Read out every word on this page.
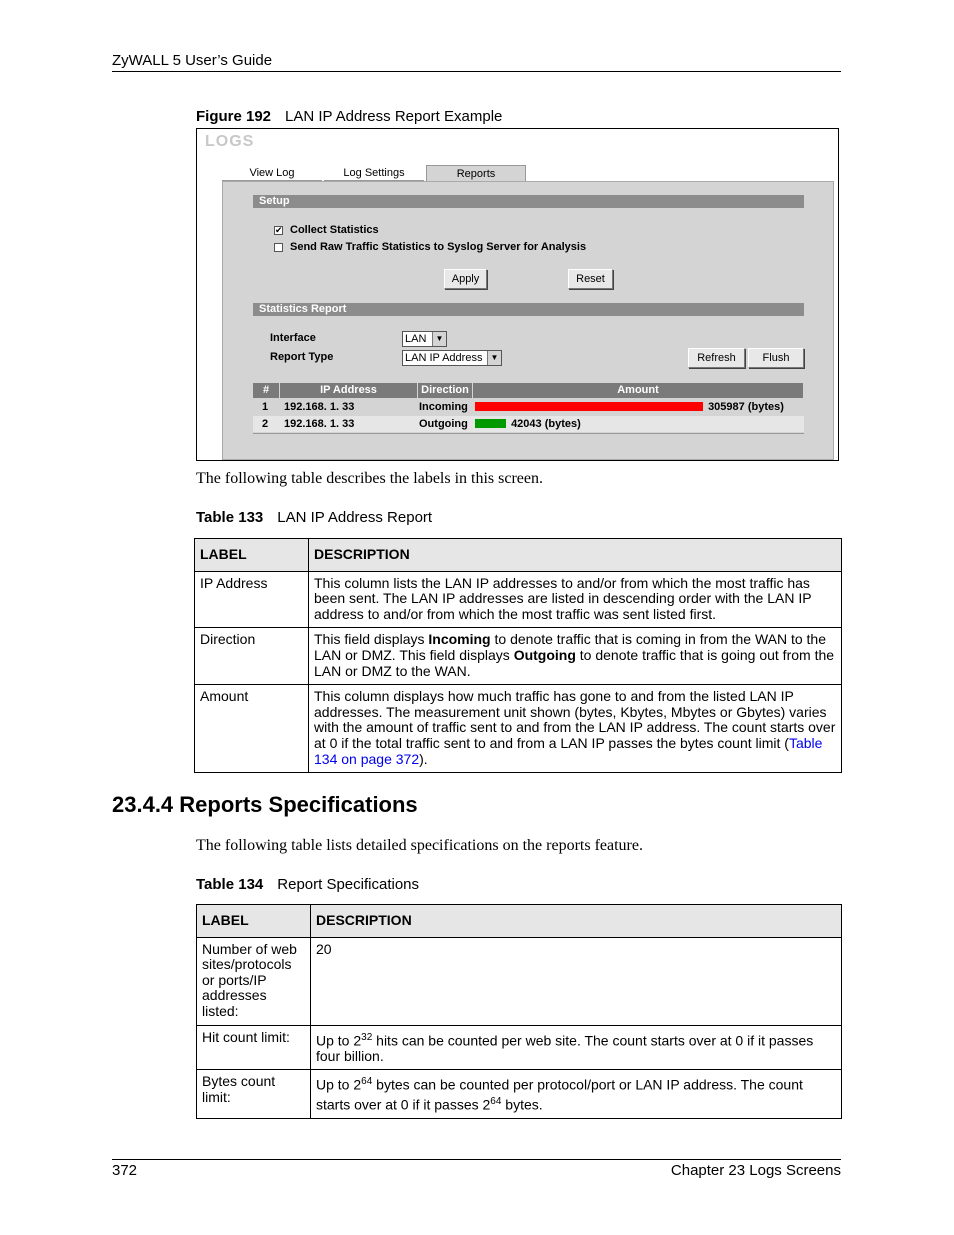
ZyWALL 5 User’s Guide
Figure 192 LAN IP Address Report Example
LOGS
View Log	Log Settings	Reports
Setup
✔ Collect Statistics
Send Raw Traffic Statistics to Syslog Server for Analysis
Apply	Reset
Statistics Report
Interface	LAN	▼
Report Type	LAN IP Address	▼	Refresh	Flush
#	IP Address	Direction	Amount
1	192.168. 1. 33	Incoming	305987 (bytes)
2	192.168. 1. 33	Outgoing	42043 (bytes)
The following table describes the labels in this screen.
Table 133 LAN IP Address Report
LABEL	DESCRIPTION
IP Address	This column lists the LAN IP addresses to and/or from which the most traffic has been sent. The LAN IP addresses are listed in descending order with the LAN IP address to and/or from which the most traffic was sent listed first.
Direction	This field displays Incoming to denote traffic that is coming in from the WAN to the LAN or DMZ. This field displays Outgoing to denote traffic that is going out from the LAN or DMZ to the WAN.
Amount	This column displays how much traffic has gone to and from the listed LAN IP addresses. The measurement unit shown (bytes, Kbytes, Mbytes or Gbytes) varies with the amount of traffic sent to and from the LAN IP address. The count starts over at 0 if the total traffic sent to and from a LAN IP passes the bytes count limit (Table 134 on page 372).
23.4.4 Reports Specifications
The following table lists detailed specifications on the reports feature.
Table 134 Report Specifications
LABEL	DESCRIPTION
Number of web sites/protocols or ports/IP addresses listed:	20
Hit count limit:	Up to $2^{32}$ hits can be counted per web site. The count starts over at 0 if it passes four billion.
Bytes count limit:	Up to $2^{64}$ bytes can be counted per protocol/port or LAN IP address. The count starts over at 0 if it passes $2^{64}$ bytes.
372	Chapter 23 Logs Screens
